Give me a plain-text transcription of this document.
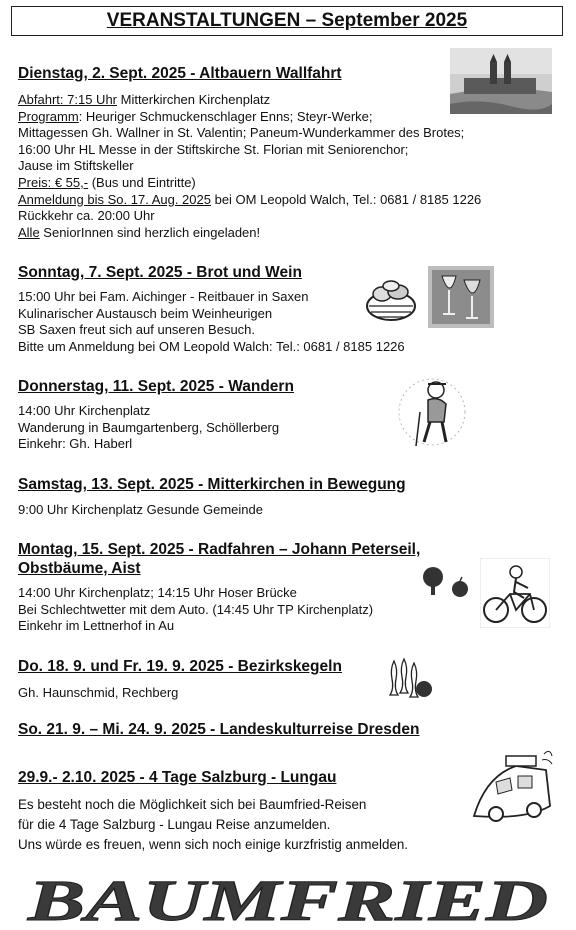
VERANSTALTUNGEN – September 2025
Dienstag, 2. Sept. 2025 - Altbauern Wallfahrt
Abfahrt: 7:15 Uhr Mitterkirchen Kirchenplatz
Programm: Heuriger Schmuckenschlager Enns; Steyr-Werke;
Mittagessen Gh. Wallner in St. Valentin; Paneum-Wunderkammer des Brotes;
16:00 Uhr HL Messe in der Stiftskirche St. Florian mit Seniorenchor;
Jause im Stiftskeller
Preis: € 55,- (Bus und Eintritte)
Anmeldung bis So. 17. Aug. 2025 bei OM Leopold Walch, Tel.: 0681 / 8185 1226
Rückkehr ca. 20:00 Uhr
Alle SeniorInnen sind herzlich eingeladen!
Sonntag, 7. Sept. 2025 - Brot und Wein
15:00 Uhr bei Fam. Aichinger - Reitbauer in Saxen
Kulinarischer Austausch beim Weinheurigen
SB Saxen freut sich auf unseren Besuch.
Bitte um Anmeldung bei OM Leopold Walch: Tel.: 0681 / 8185 1226
Donnerstag, 11. Sept. 2025 - Wandern
14:00 Uhr Kirchenplatz
Wanderung in Baumgartenberg, Schöllerberg
Einkehr: Gh. Haberl
Samstag, 13. Sept. 2025 - Mitterkirchen in Bewegung
9:00 Uhr Kirchenplatz Gesunde Gemeinde
Montag, 15. Sept. 2025 - Radfahren – Johann Peterseil,
Obstbäume, Aist
14:00 Uhr Kirchenplatz; 14:15 Uhr Hoser Brücke
Bei Schlechtwetter mit dem Auto. (14:45 Uhr TP Kirchenplatz)
Einkehr im Lettnerhof in Au
Do. 18. 9. und Fr. 19. 9. 2025 - Bezirkskegeln
Gh. Haunschmid, Rechberg
So. 21. 9. – Mi. 24. 9. 2025 - Landeskulturreise Dresden
29.9.- 2.10. 2025 - 4 Tage Salzburg - Lungau
Es besteht noch die Möglichkeit sich bei Baumfried-Reisen
für die 4 Tage Salzburg - Lungau Reise anzumelden.
Uns würde es freuen, wenn sich noch einige kurzfristig anmelden.
BAUMFRIED
